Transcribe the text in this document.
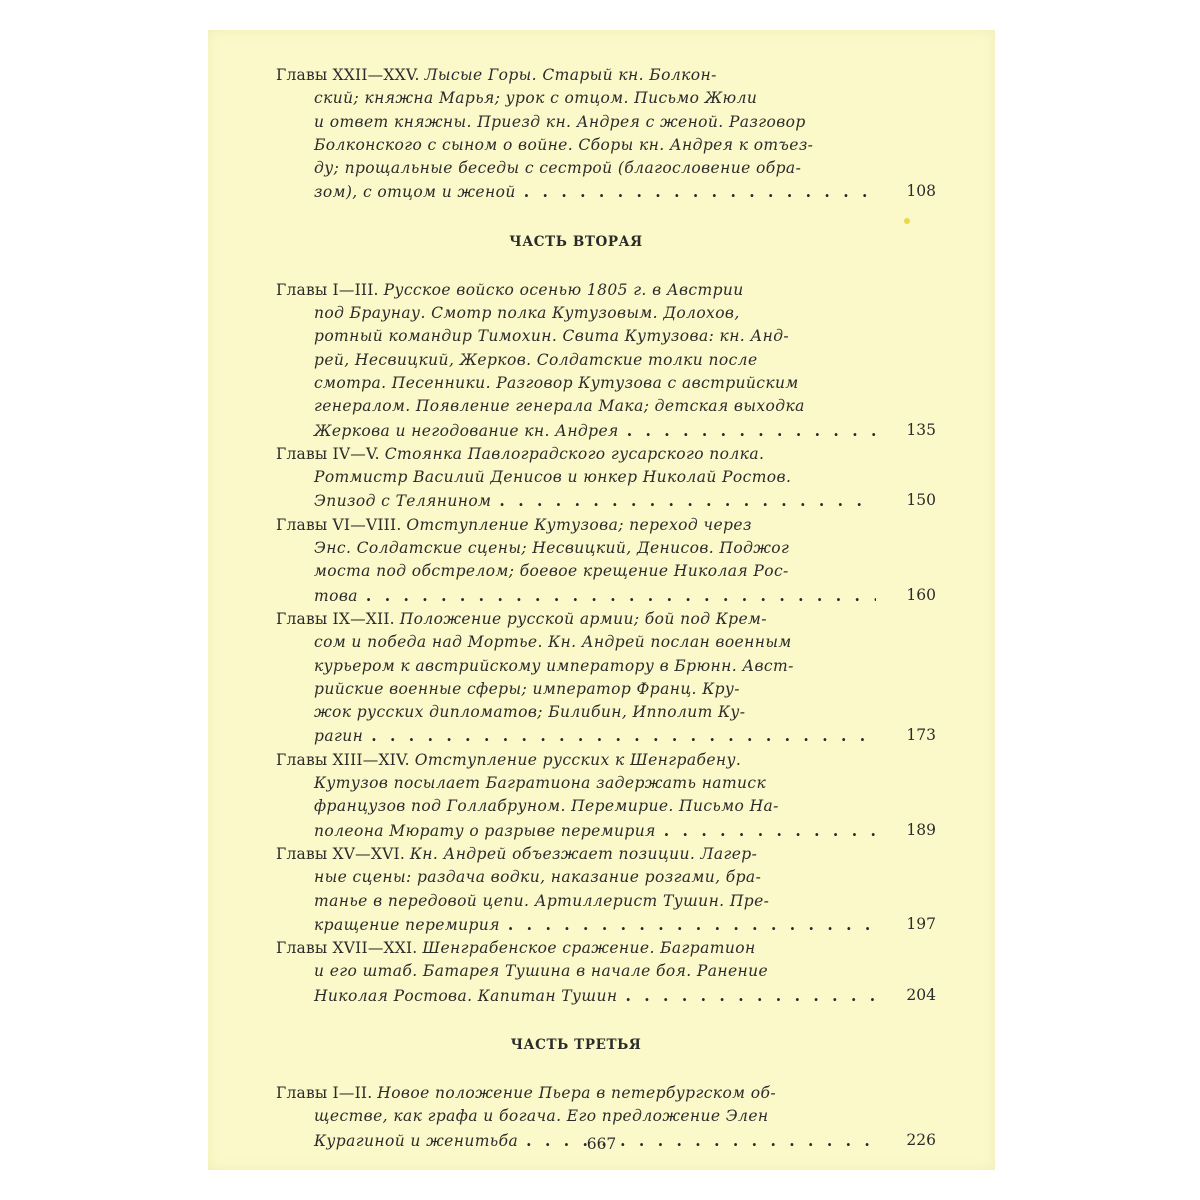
Главы XXII—XXV. Лысые Горы. Старый кн. Болкон-
ский; княжна Марья; урок с отцом. Письмо Жюли
и ответ княжны. Приезд кн. Андрея с женой. Разговор
Болконского с сыном о войне. Сборы кн. Андрея к отъез-
ду; прощальные беседы с сестрой (благословение обра-
зом), с отцом и женой . . .	108
ЧАСТЬ ВТОРАЯ
Главы I—III. Русское войско осенью 1805 г. в Австрии
под Браунау. Смотр полка Кутузовым. Долохов,
ротный командир Тимохин. Свита Кутузова: кн. Анд-
рей, Несвицкий, Жерков. Солдатские толки после
смотра. Песенники. Разговор Кутузова с австрийским
генералом. Появление генерала Мака; детская выходка
Жеркова и негодование кн. Андрея . . .	135
Главы IV—V. Стоянка Павлоградского гусарского полка.
Ротмистр Василий Денисов и юнкер Николай Ростов.
Эпизод с Телянином . . .	150
Главы VI—VIII. Отступление Кутузова; переход через
Энс. Солдатские сцены; Несвицкий, Денисов. Поджог
моста под обстрелом; боевое крещение Николая Рос-
това . . .	160
Главы IX—XII. Положение русской армии; бой под Крем-
сом и победа над Мортье. Кн. Андрей послан военным
курьером к австрийскому императору в Брюнн. Авст-
рийские военные сферы; император Франц. Кру-
жок русских дипломатов; Билибин, Ипполит Ку-
рагин . . .	173
Главы XIII—XIV. Отступление русских к Шенграбену.
Кутузов посылает Багратиона задержать натиск
французов под Голлабруном. Перемирие. Письмо На-
полеона Мюрату о разрыве перемирия . . .	189
Главы XV—XVI. Кн. Андрей объезжает позиции. Лагер-
ные сцены: раздача водки, наказание розгами, бра-
танье в передовой цепи. Артиллерист Тушин. Пре-
кращение перемирия . . .	197
Главы XVII—XXI. Шенграбенское сражение. Багратион
и его штаб. Батарея Тушина в начале боя. Ранение
Николая Ростова. Капитан Тушин . . .	204
ЧАСТЬ ТРЕТЬЯ
Главы I—II. Новое положение Пьера в петербургском об-
ществе, как графа и богача. Его предложение Элен
Курагиной и женитьба . . .	226
667
